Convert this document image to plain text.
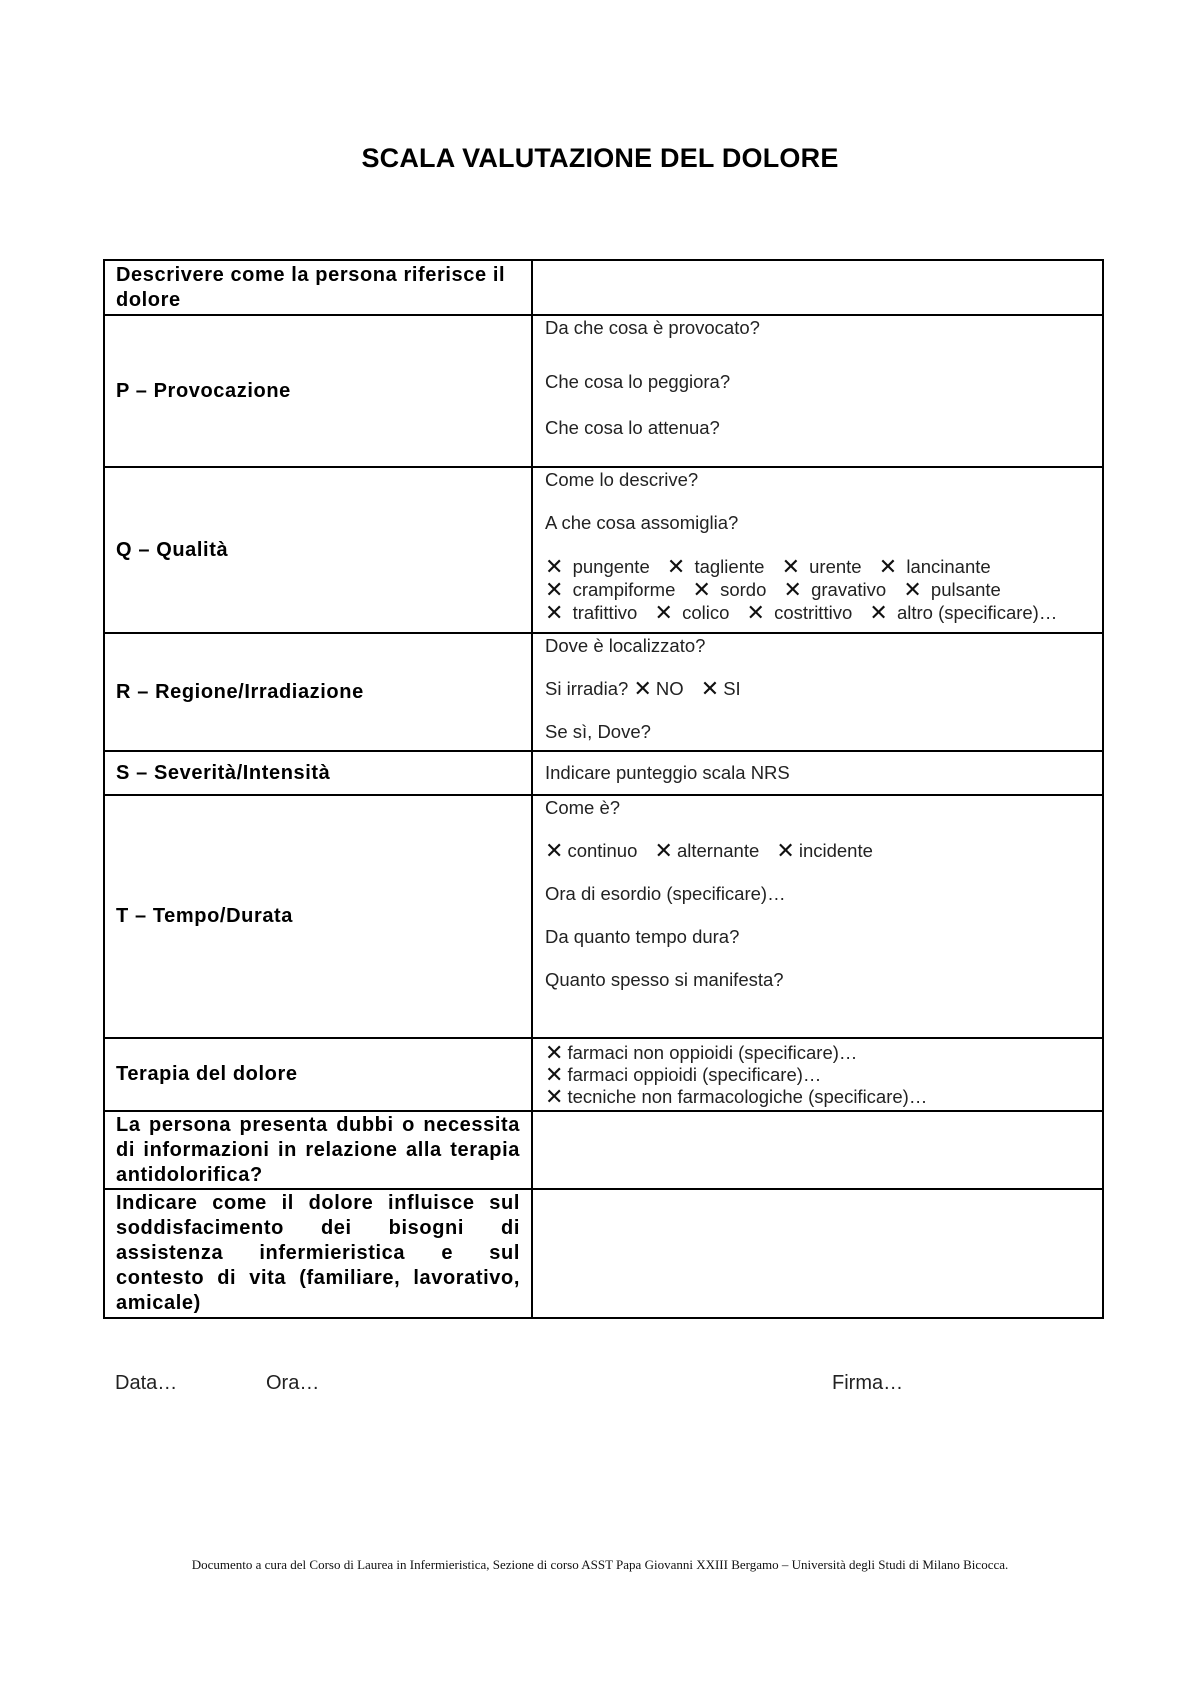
SCALA VALUTAZIONE DEL DOLORE
Descrivere come la persona riferisce il dolore	
P – Provocazione	Da che cosa è provocato?
Che cosa lo peggiora?
Che cosa lo attenua?

Q – Qualità	Come lo descrive?
A che cosa assomiglia?
✕ pungente ✕ tagliente ✕ urente ✕ lancinante
✕ crampiforme ✕ sordo ✕ gravativo ✕ pulsante
✕ trafittivo ✕ colico ✕ costrittivo ✕ altro (specificare)…

R – Regione/Irradiazione	Dove è localizzato?
Si irradia? ✕ NO ✕ SI
Se sì, Dove?

S – Severità/Intensità	Indicare punteggio scala NRS
T – Tempo/Durata	Come è?
✕ continuo ✕ alternante ✕ incidente
Ora di esordio (specificare)…
Da quanto tempo dura?
Quanto spesso si manifesta?

Terapia del dolore	✕ farmaci non oppioidi (specificare)…
✕ farmaci oppioidi (specificare)…
✕ tecniche non farmacologiche (specificare)…

La persona presenta dubbi o necessita di informazioni in relazione alla terapia antidolorifica?	
Indicare come il dolore influisce sul soddisfacimento dei bisogni di assistenza infermieristica e sul contesto di vita (familiare, lavorativo, amicale)	
Data…	Ora…	Firma…
Documento a cura del Corso di Laurea in Infermieristica, Sezione di corso ASST Papa Giovanni XXIII Bergamo – Università degli Studi di Milano Bicocca.
